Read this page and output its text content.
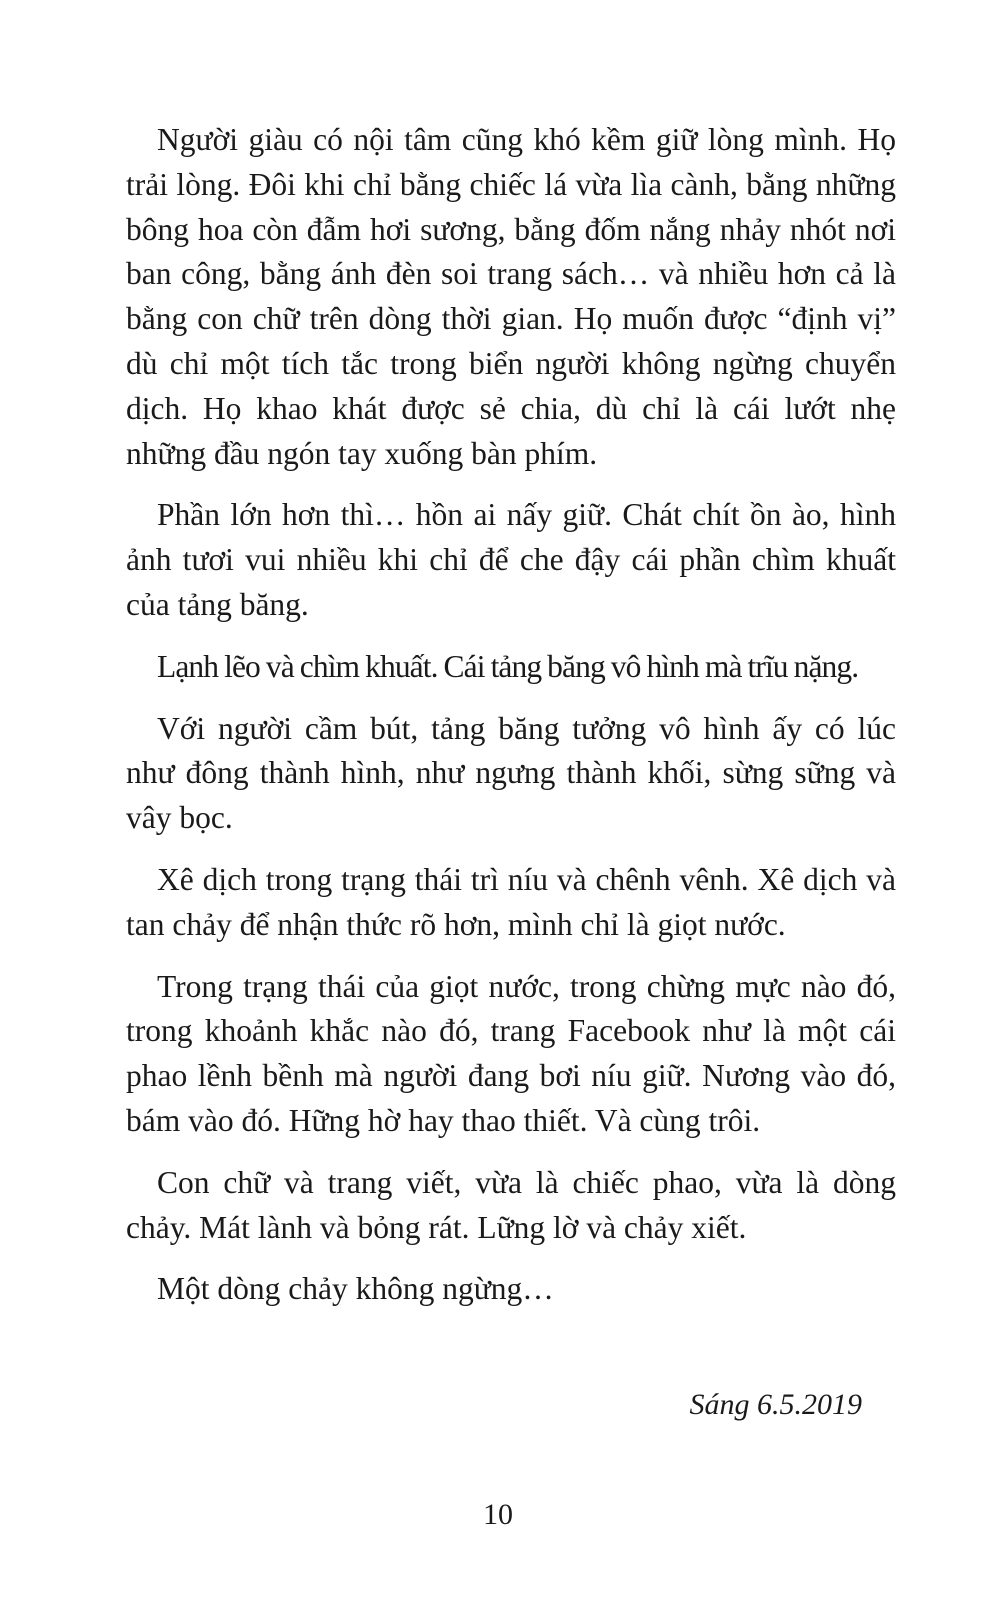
Người giàu có nội tâm cũng khó kềm giữ lòng mình. Họ trải lòng. Đôi khi chỉ bằng chiếc lá vừa lìa cành, bằng những bông hoa còn đẫm hơi sương, bằng đốm nắng nhảy nhót nơi ban công, bằng ánh đèn soi trang sách… và nhiều hơn cả là bằng con chữ trên dòng thời gian. Họ muốn được “định vị” dù chỉ một tích tắc trong biển người không ngừng chuyển dịch. Họ khao khát được sẻ chia, dù chỉ là cái lướt nhẹ những đầu ngón tay xuống bàn phím.

Phần lớn hơn thì… hồn ai nấy giữ. Chát chít ồn ào, hình ảnh tươi vui nhiều khi chỉ để che đậy cái phần chìm khuất của tảng băng.

Lạnh lẽo và chìm khuất. Cái tảng băng vô hình mà trĩu nặng.

Với người cầm bút, tảng băng tưởng vô hình ấy có lúc như đông thành hình, như ngưng thành khối, sừng sững và vây bọc.

Xê dịch trong trạng thái trì níu và chênh vênh. Xê dịch và tan chảy để nhận thức rõ hơn, mình chỉ là giọt nước.

Trong trạng thái của giọt nước, trong chừng mực nào đó, trong khoảnh khắc nào đó, trang Facebook như là một cái phao lềnh bềnh mà người đang bơi níu giữ. Nương vào đó, bám vào đó. Hững hờ hay thao thiết. Và cùng trôi.

Con chữ và trang viết, vừa là chiếc phao, vừa là dòng chảy. Mát lành và bỏng rát. Lững lờ và chảy xiết.

Một dòng chảy không ngừng…

Sáng 6.5.2019
10
